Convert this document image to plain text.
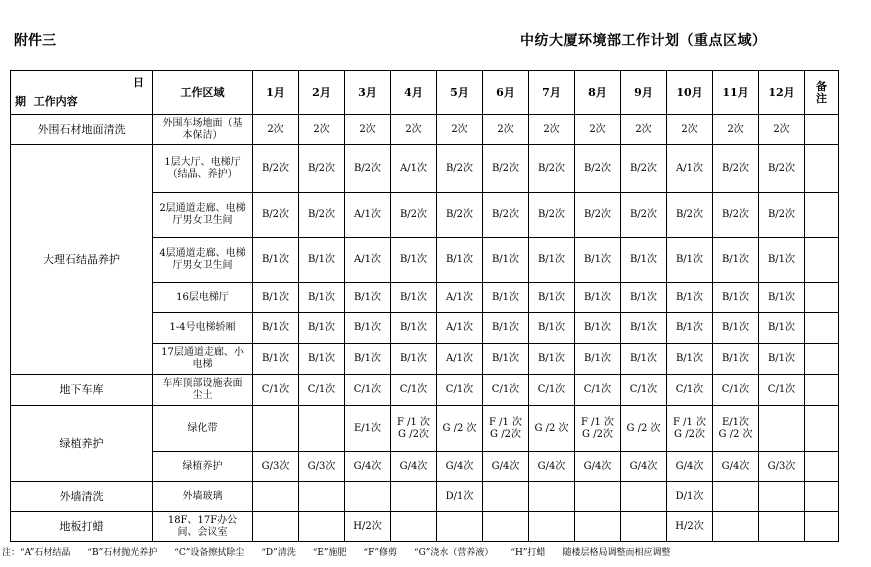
附件三	中纺大厦环境部工作计划（重点区域）
日
期 工作内容	工作区域	1月	2月	3月	4月	5月	6月	7月	8月	9月	10月	11月	12月	备注
外围石材地面清洗	外围车场地面（基本保洁）	2次	2次	2次	2次	2次	2次	2次	2次	2次	2次	2次	2次	
大理石结晶养护	1层大厅、电梯厅（结晶、养护）	B/2次	B/2次	B/2次	A/1次	B/2次	B/2次	B/2次	B/2次	B/2次	A/1次	B/2次	B/2次	
	2层通道走廊、电梯厅男女卫生间	B/2次	B/2次	A/1次	B/2次	B/2次	B/2次	B/2次	B/2次	B/2次	B/2次	B/2次	B/2次	
	4层通道走廊、电梯厅男女卫生间	B/1次	B/1次	A/1次	B/1次	B/1次	B/1次	B/1次	B/1次	B/1次	B/1次	B/1次	B/1次	
	16层电梯厅	B/1次	B/1次	B/1次	B/1次	A/1次	B/1次	B/1次	B/1次	B/1次	B/1次	B/1次	B/1次	
	1-4号电梯轿厢	B/1次	B/1次	B/1次	B/1次	A/1次	B/1次	B/1次	B/1次	B/1次	B/1次	B/1次	B/1次	
	17层通道走廊、小电梯	B/1次	B/1次	B/1次	B/1次	A/1次	B/1次	B/1次	B/1次	B/1次	B/1次	B/1次	B/1次	
地下车库	车库顶部设施表面尘土	C/1次	C/1次	C/1次	C/1次	C/1次	C/1次	C/1次	C/1次	C/1次	C/1次	C/1次	C/1次	
绿植养护	绿化带			E/1次	F /1 次 G /2次	G /2 次	F /1 次 G /2次	G /2 次	F /1 次 G /2次	G /2 次	F /1 次 G /2次	E/1次 G /2 次		
	绿植养护	G/3次	G/3次	G/4次	G/4次	G/4次	G/4次	G/4次	G/4次	G/4次	G/4次	G/4次	G/3次	
外墙清洗	外墙玻璃					D/1次					D/1次			
地板打蜡	18F、17F办公间、会议室			H/2次							H/2次			
注：“A”石材结晶 “B”石材抛光养护 “C”设备擦拭除尘 “D”清洗 “E”施肥 “F”修剪 “G”浇水（营养液） “H”打蜡 随楼层格局调整而相应调整
